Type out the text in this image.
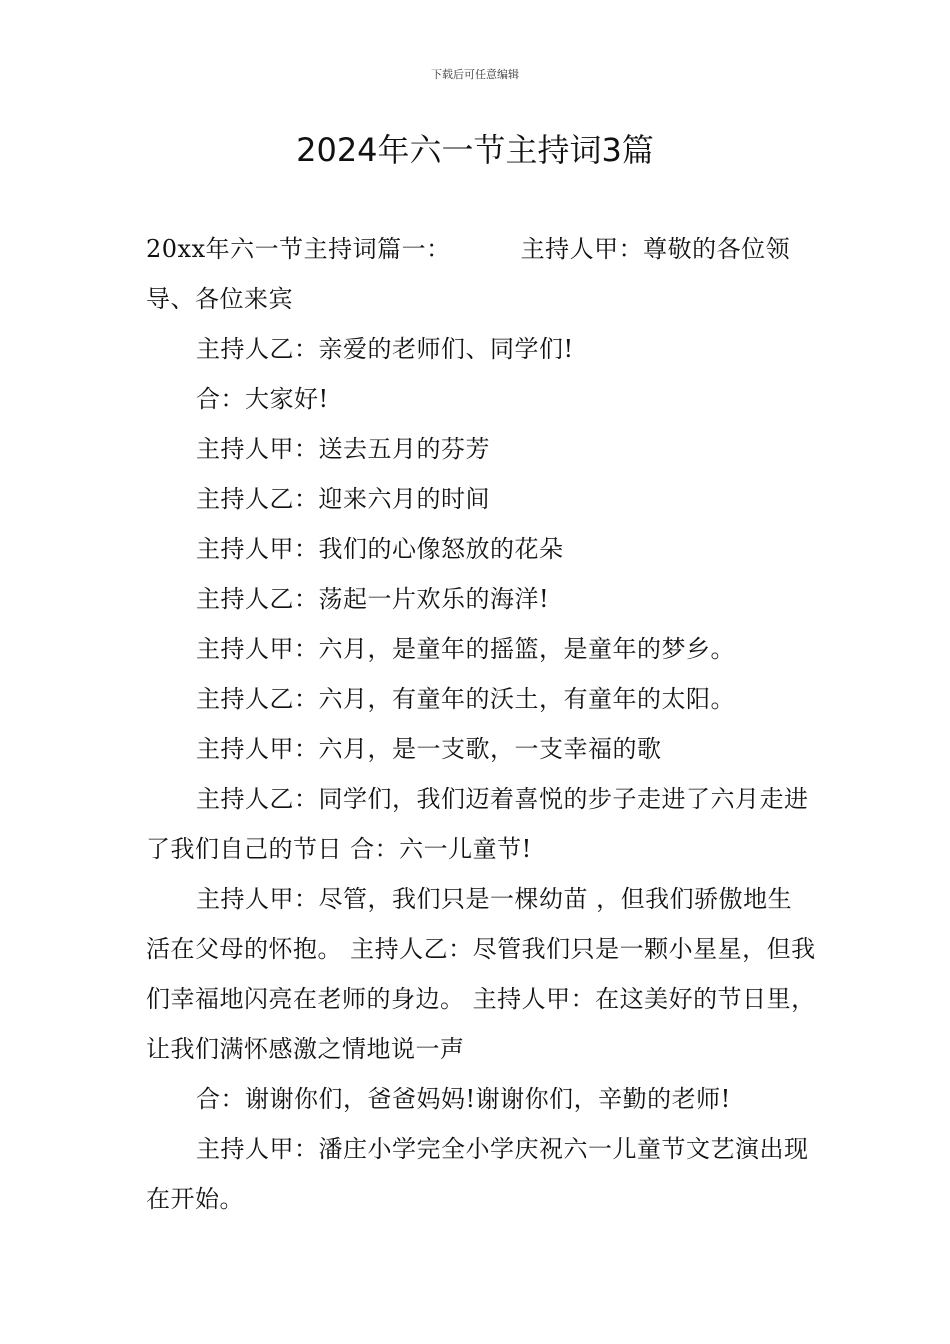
下载后可任意编辑
2024年六一节主持词3篇

20xx年六一节主持词篇一：	主持人甲：尊敬的各位领导、各位来宾

主持人乙：亲爱的老师们、同学们!

合：大家好!

主持人甲：送去五月的芬芳

主持人乙：迎来六月的时间

主持人甲：我们的心像怒放的花朵

主持人乙：荡起一片欢乐的海洋!

主持人甲：六月，是童年的摇篮，是童年的梦乡。

主持人乙：六月，有童年的沃土，有童年的太阳。

主持人甲：六月，是一支歌，一支幸福的歌

主持人乙：同学们，我们迈着喜悦的步子走进了六月走进了我们自己的节日 合：六一儿童节!

主持人甲：尽管，我们只是一棵幼苗 ，但我们骄傲地生活在父母的怀抱。 主持人乙：尽管我们只是一颗小星星，但我们幸福地闪亮在老师的身边。 主持人甲：在这美好的节日里，让我们满怀感激之情地说一声

合：谢谢你们，爸爸妈妈!谢谢你们，辛勤的老师!

主持人甲：潘庄小学完全小学庆祝六一儿童节文艺演出现在开始。
